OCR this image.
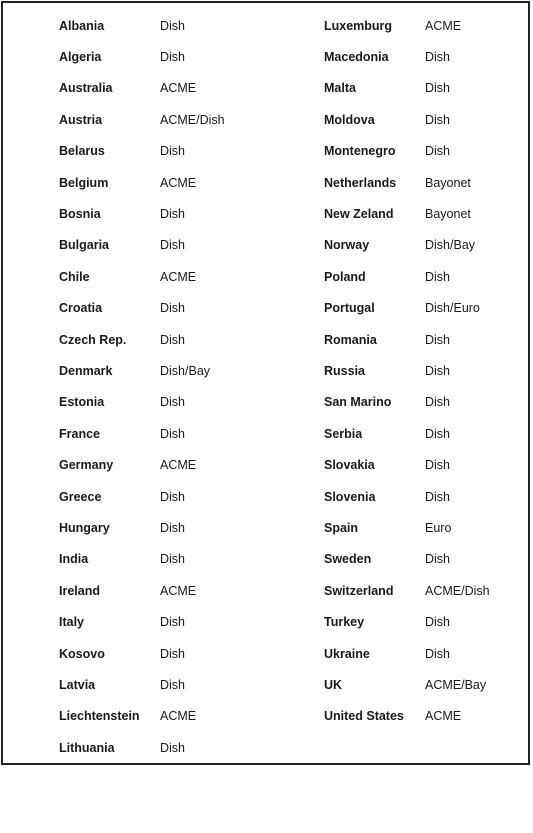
Albania	Dish
Algeria	Dish
Australia	ACME
Austria	ACME/Dish
Belarus	Dish
Belgium	ACME
Bosnia	Dish
Bulgaria	Dish
Chile	ACME
Croatia	Dish
Czech Rep.	Dish
Denmark	Dish/Bay
Estonia	Dish
France	Dish
Germany	ACME
Greece	Dish
Hungary	Dish
India	Dish
Ireland	ACME
Italy	Dish
Kosovo	Dish
Latvia	Dish
Liechtenstein	ACME
Lithuania	Dish
Luxemburg	ACME
Macedonia	Dish
Malta	Dish
Moldova	Dish
Montenegro	Dish
Netherlands	Bayonet
New Zeland	Bayonet
Norway	Dish/Bay
Poland	Dish
Portugal	Dish/Euro
Romania	Dish
Russia	Dish
San Marino	Dish
Serbia	Dish
Slovakia	Dish
Slovenia	Dish
Spain	Euro
Sweden	Dish
Switzerland	ACME/Dish
Turkey	Dish
Ukraine	Dish
UK	ACME/Bay
United States	ACME
